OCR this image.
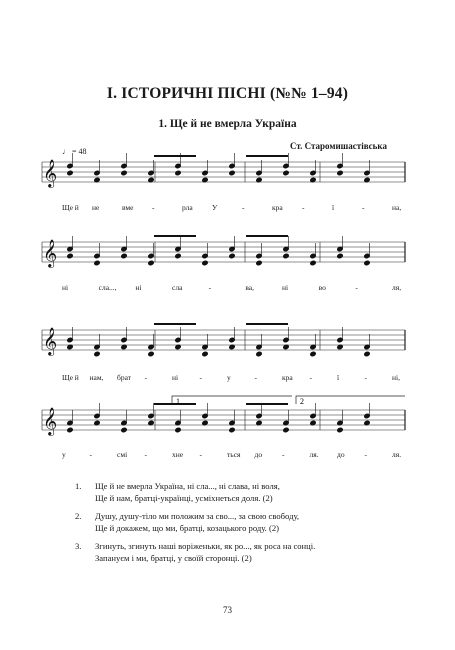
І. ІСТОРИЧНІ ПІСНІ (№№ 1–94)
1. Ще й не вмерла Україна
Ст. Старомишастівська
♩ = 48
𝄞
𝄞
𝄞
𝄞
1	2
Ще й не	вме -	рла	У	-	кра	-	ї	-	на,
ні	сла...,	ні	сла	-	ва,	ні	во	-	ля,
Ще й нам, брат -	ні	-	у	-	кра -	ї	-	ні,
у	-	смі -	хне -	ться до	-	ля. до	-	ля.
1.	Ще й не вмерла Україна, ні сла..., ні слава, ні воля,
Ще й нам, братці-українці, усміхнеться доля. (2)
2.	Душу, душу-тіло ми положим за сво..., за свою свободу,
Ще й докажем, що ми, братці, козацького роду. (2)
3.	Згинуть, згинуть наші воріженьки, як ро..., як роса на сонці.
Запануєм і ми, братці, у своїй сторонці. (2)
73
